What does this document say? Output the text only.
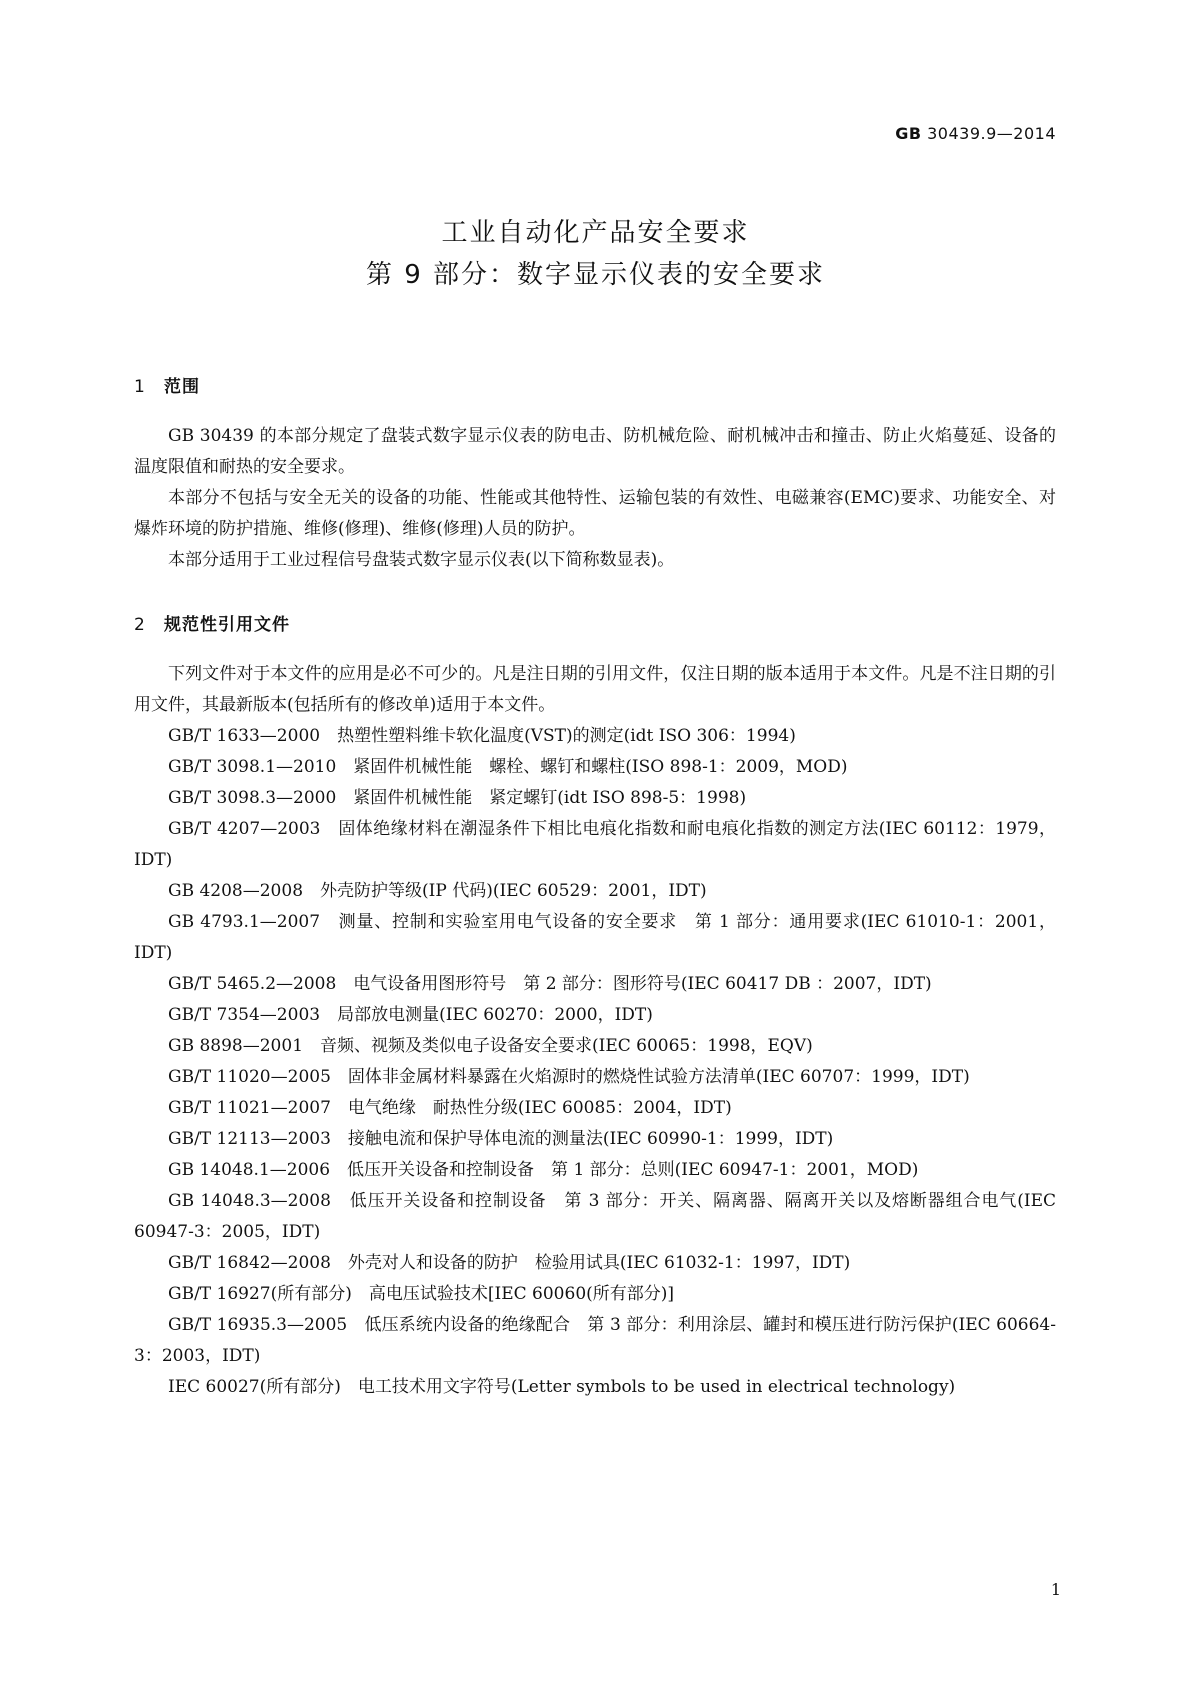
GB 30439.9—2014
工业自动化产品安全要求
第 9 部分：数字显示仪表的安全要求
1 范围

GB 30439 的本部分规定了盘装式数字显示仪表的防电击、防机械危险、耐机械冲击和撞击、防止火焰蔓延、设备的温度限值和耐热的安全要求。

本部分不包括与安全无关的设备的功能、性能或其他特性、运输包装的有效性、电磁兼容(EMC)要求、功能安全、对爆炸环境的防护措施、维修(修理)、维修(修理)人员的防护。

本部分适用于工业过程信号盘装式数字显示仪表(以下简称数显表)。

2 规范性引用文件

下列文件对于本文件的应用是必不可少的。凡是注日期的引用文件，仅注日期的版本适用于本文件。凡是不注日期的引用文件，其最新版本(包括所有的修改单)适用于本文件。

GB/T 1633—2000　热塑性塑料维卡软化温度(VST)的测定(idt ISO 306：1994)

GB/T 3098.1—2010　紧固件机械性能　螺栓、螺钉和螺柱(ISO 898-1：2009，MOD)

GB/T 3098.3—2000　紧固件机械性能　紧定螺钉(idt ISO 898-5：1998)

GB/T 4207—2003　固体绝缘材料在潮湿条件下相比电痕化指数和耐电痕化指数的测定方法(IEC 60112：1979，IDT)

GB 4208—2008　外壳防护等级(IP 代码)(IEC 60529：2001，IDT)

GB 4793.1—2007　测量、控制和实验室用电气设备的安全要求　第 1 部分：通用要求(IEC 61010-1：2001，IDT)

GB/T 5465.2—2008　电气设备用图形符号　第 2 部分：图形符号(IEC 60417 DB ：2007，IDT)

GB/T 7354—2003　局部放电测量(IEC 60270：2000，IDT)

GB 8898—2001　音频、视频及类似电子设备安全要求(IEC 60065：1998，EQV)

GB/T 11020—2005　固体非金属材料暴露在火焰源时的燃烧性试验方法清单(IEC 60707：1999，IDT)

GB/T 11021—2007　电气绝缘　耐热性分级(IEC 60085：2004，IDT)

GB/T 12113—2003　接触电流和保护导体电流的测量法(IEC 60990-1：1999，IDT)

GB 14048.1—2006　低压开关设备和控制设备　第 1 部分：总则(IEC 60947-1：2001，MOD)

GB 14048.3—2008　低压开关设备和控制设备　第 3 部分：开关、隔离器、隔离开关以及熔断器组合电气(IEC 60947-3：2005，IDT)

GB/T 16842—2008　外壳对人和设备的防护　检验用试具(IEC 61032-1：1997，IDT)

GB/T 16927(所有部分)　高电压试验技术[IEC 60060(所有部分)]

GB/T 16935.3—2005　低压系统内设备的绝缘配合　第 3 部分：利用涂层、罐封和模压进行防污保护(IEC 60664-3：2003，IDT)

IEC 60027(所有部分)　电工技术用文字符号(Letter symbols to be used in electrical technology)

1
